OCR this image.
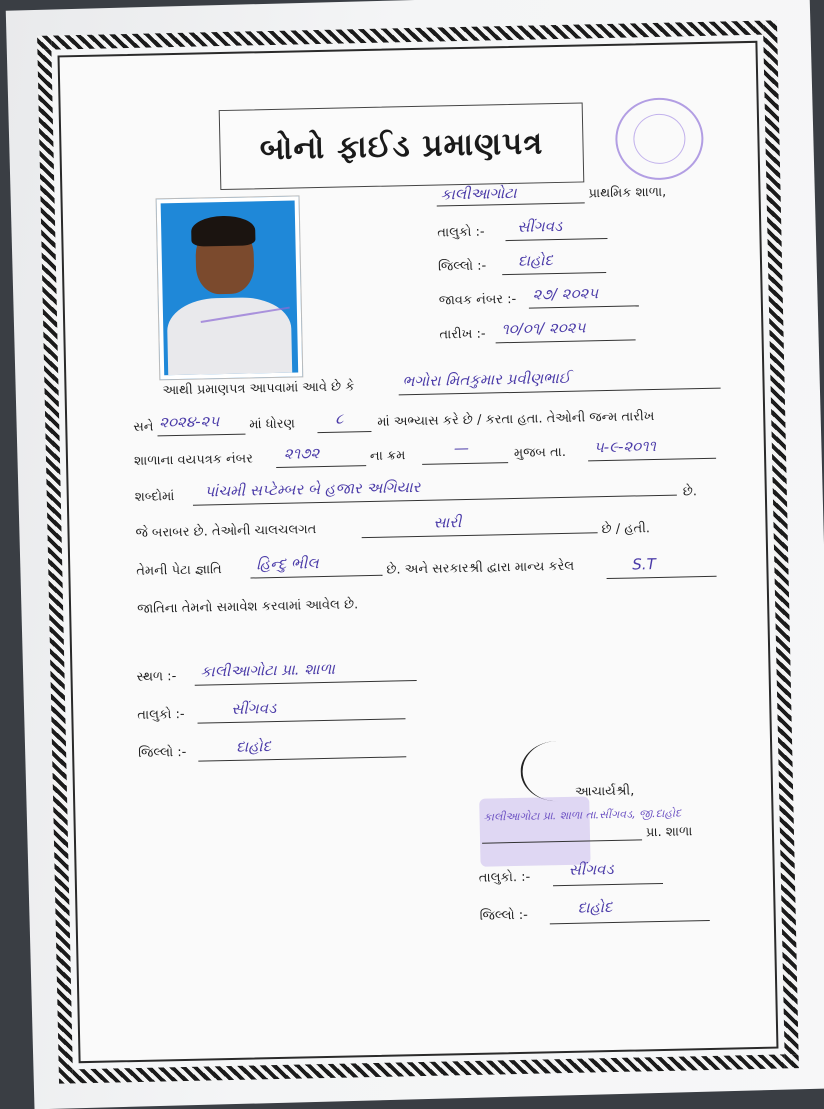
બોનો ફાઈડ પ્રમાણપત્ર
કાલીઆગોટા	પ્રાથમિક શાળા,
તાલુકો :- સીંગવડ
જિલ્લો :- દાહોદ
જાવક નંબર :- ૨૭/ ૨૦૨૫
તારીખ :- ૧૦/૦૧/ ૨૦૨૫
આથી પ્રમાણપત્ર આપવામાં આવે છે કે	ભગોરા મિતકુમાર પ્રવીણભાઈ
સને ૨૦૨૪-૨૫ માં ધોરણ	૮	માં અભ્યાસ કરે છે / કરતા હતા. તેઓની જન્મ તારીખ
શાળાના વયપત્રક નંબર ૨૧૭૨	ના ક્રમ	—	મુજબ તા. ૫-૯-૨૦૧૧
શબ્દોમાં પાંચમી સપ્ટેમ્બર બે હજાર અગિયાર	છે.
જે બરાબર છે. તેઓની ચાલચલગત	સારી	છે / હતી.
તેમની પેટા જ્ઞાતિ હિન્દુ ભીલ	છે. અને સરકારશ્રી દ્વારા માન્ય કરેલ	S.T
જાતિના તેમનો સમાવેશ કરવામાં આવેલ છે.
સ્થળ :- કાલીઆગોટા પ્રા. શાળા
તાલુકો :-	સીંગવડ
જિલ્લો :-	દાહોદ
કાલીઆગોટા પ્રા. શાળા તા.સીંગવડ, જી.દાહોદ
આચાર્યશ્રી,
પ્રા. શાળા
તાલુકો. :-	સીંગવડ
જિલ્લો :-	દાહોદ
